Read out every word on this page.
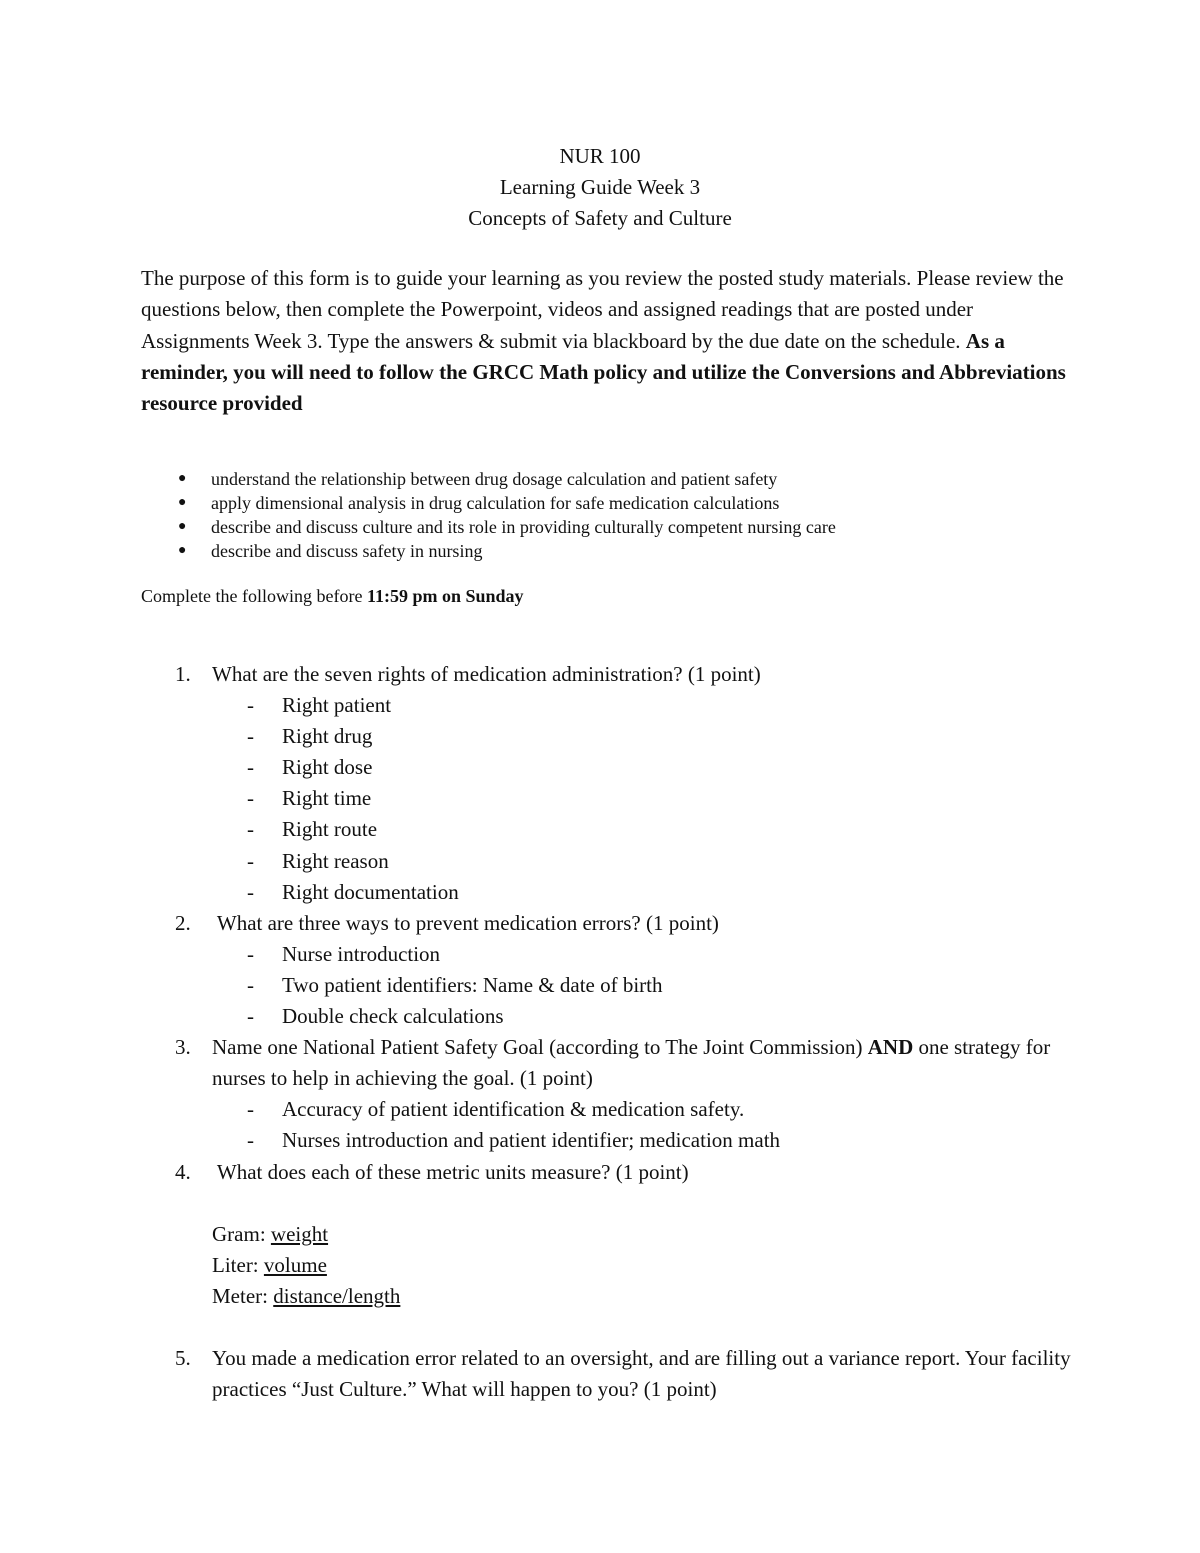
NUR 100
Learning Guide Week 3
Concepts of Safety and Culture
The purpose of this form is to guide your learning as you review the posted study materials. Please review the questions below, then complete the Powerpoint, videos and assigned readings that are posted under Assignments Week 3. Type the answers & submit via blackboard by the due date on the schedule. As a reminder, you will need to follow the GRCC Math policy and utilize the Conversions and Abbreviations resource provided
● understand the relationship between drug dosage calculation and patient safety
● apply dimensional analysis in drug calculation for safe medication calculations
● describe and discuss culture and its role in providing culturally competent nursing care
● describe and discuss safety in nursing
Complete the following before 11:59 pm on Sunday
1. What are the seven rights of medication administration? (1 point)
- Right patient
- Right drug
- Right dose
- Right time
- Right route
- Right reason
- Right documentation
2. What are three ways to prevent medication errors? (1 point)
- Nurse introduction
- Two patient identifiers: Name & date of birth
- Double check calculations
3. Name one National Patient Safety Goal (according to The Joint Commission) AND one strategy for nurses to help in achieving the goal. (1 point)
- Accuracy of patient identification & medication safety.
- Nurses introduction and patient identifier; medication math
4. What does each of these metric units measure? (1 point)
Gram: weight
Liter: volume
Meter: distance/length
5. You made a medication error related to an oversight, and are filling out a variance report. Your facility practices “Just Culture.” What will happen to you? (1 point)
